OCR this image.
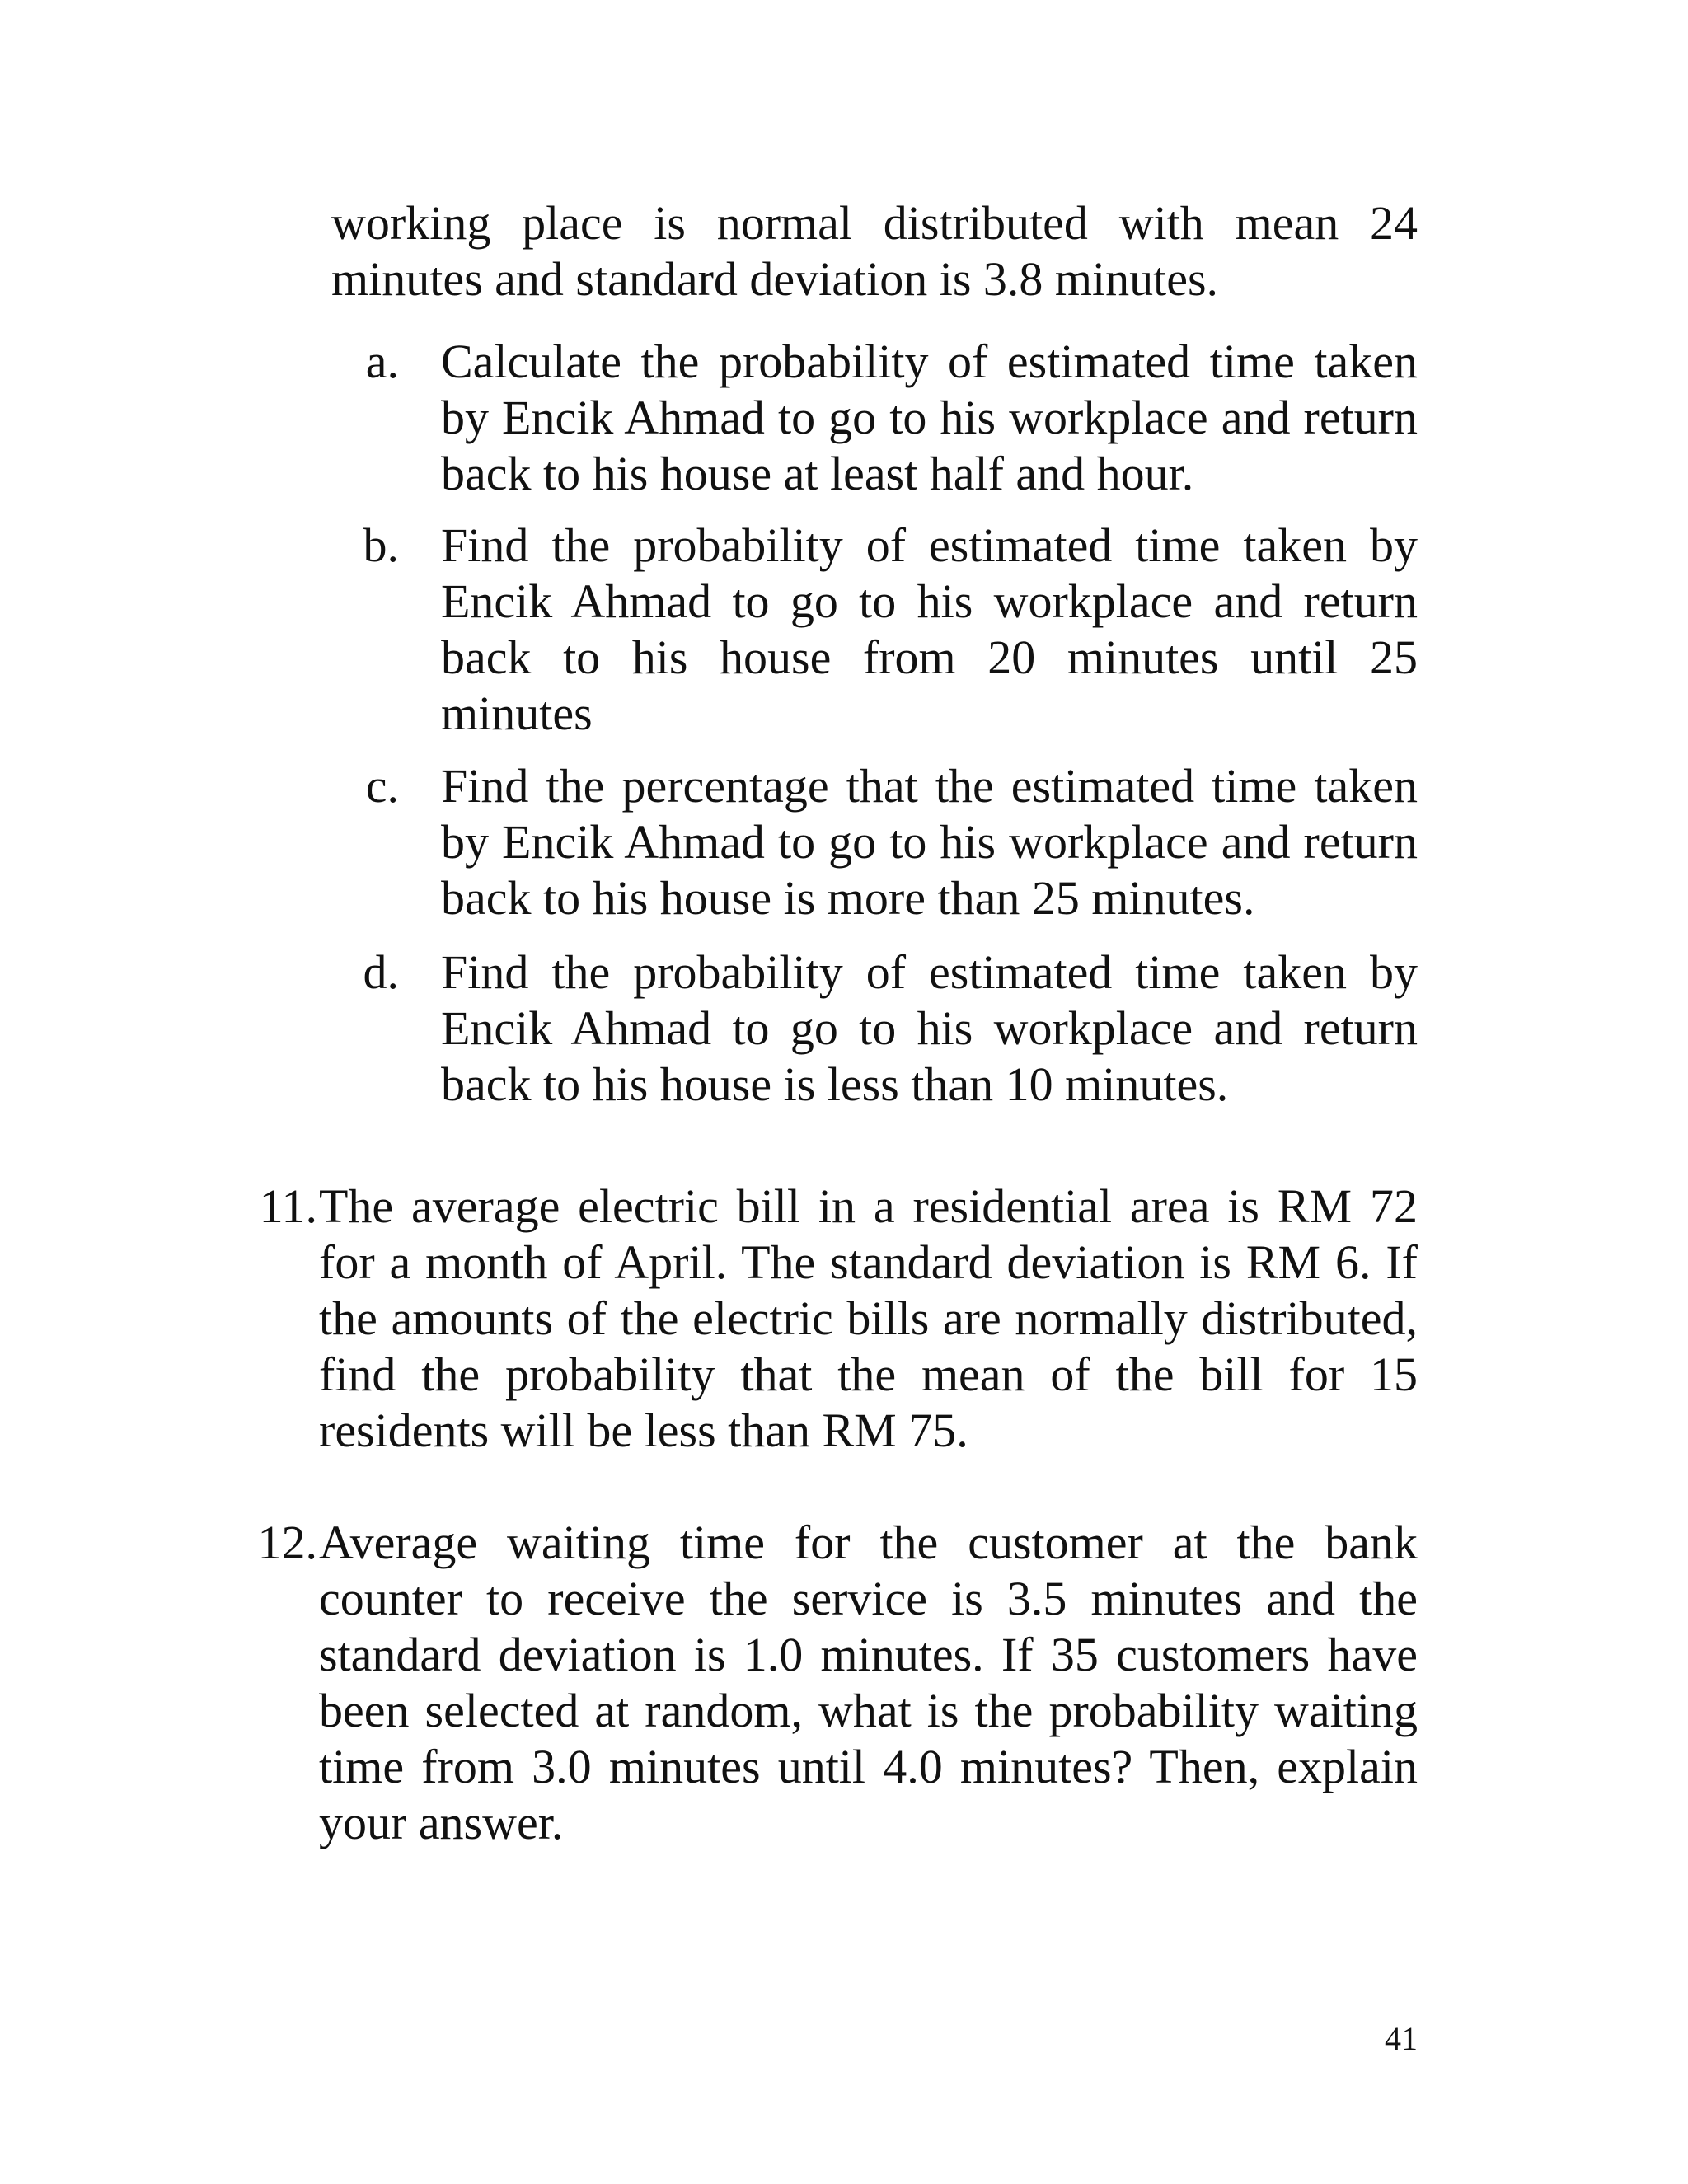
working place is normal distributed with mean 24 minutes and standard deviation is 3.8 minutes.
a. Calculate the probability of estimated time taken by Encik Ahmad to go to his workplace and return back to his house at least half and hour.
b. Find the probability of estimated time taken by Encik Ahmad to go to his workplace and return back to his house from 20 minutes until 25 minutes
c. Find the percentage that the estimated time taken by Encik Ahmad to go to his workplace and return back to his house is more than 25 minutes.
d. Find the probability of estimated time taken by Encik Ahmad to go to his workplace and return back to his house is less than 10 minutes.
11. The average electric bill in a residential area is RM 72 for a month of April. The standard deviation is RM 6. If the amounts of the electric bills are normally distributed, find the probability that the mean of the bill for 15 residents will be less than RM 75.
12. Average waiting time for the customer at the bank counter to receive the service is 3.5 minutes and the standard deviation is 1.0 minutes. If 35 customers have been selected at random, what is the probability waiting time from 3.0 minutes until 4.0 minutes? Then, explain your answer.
41
